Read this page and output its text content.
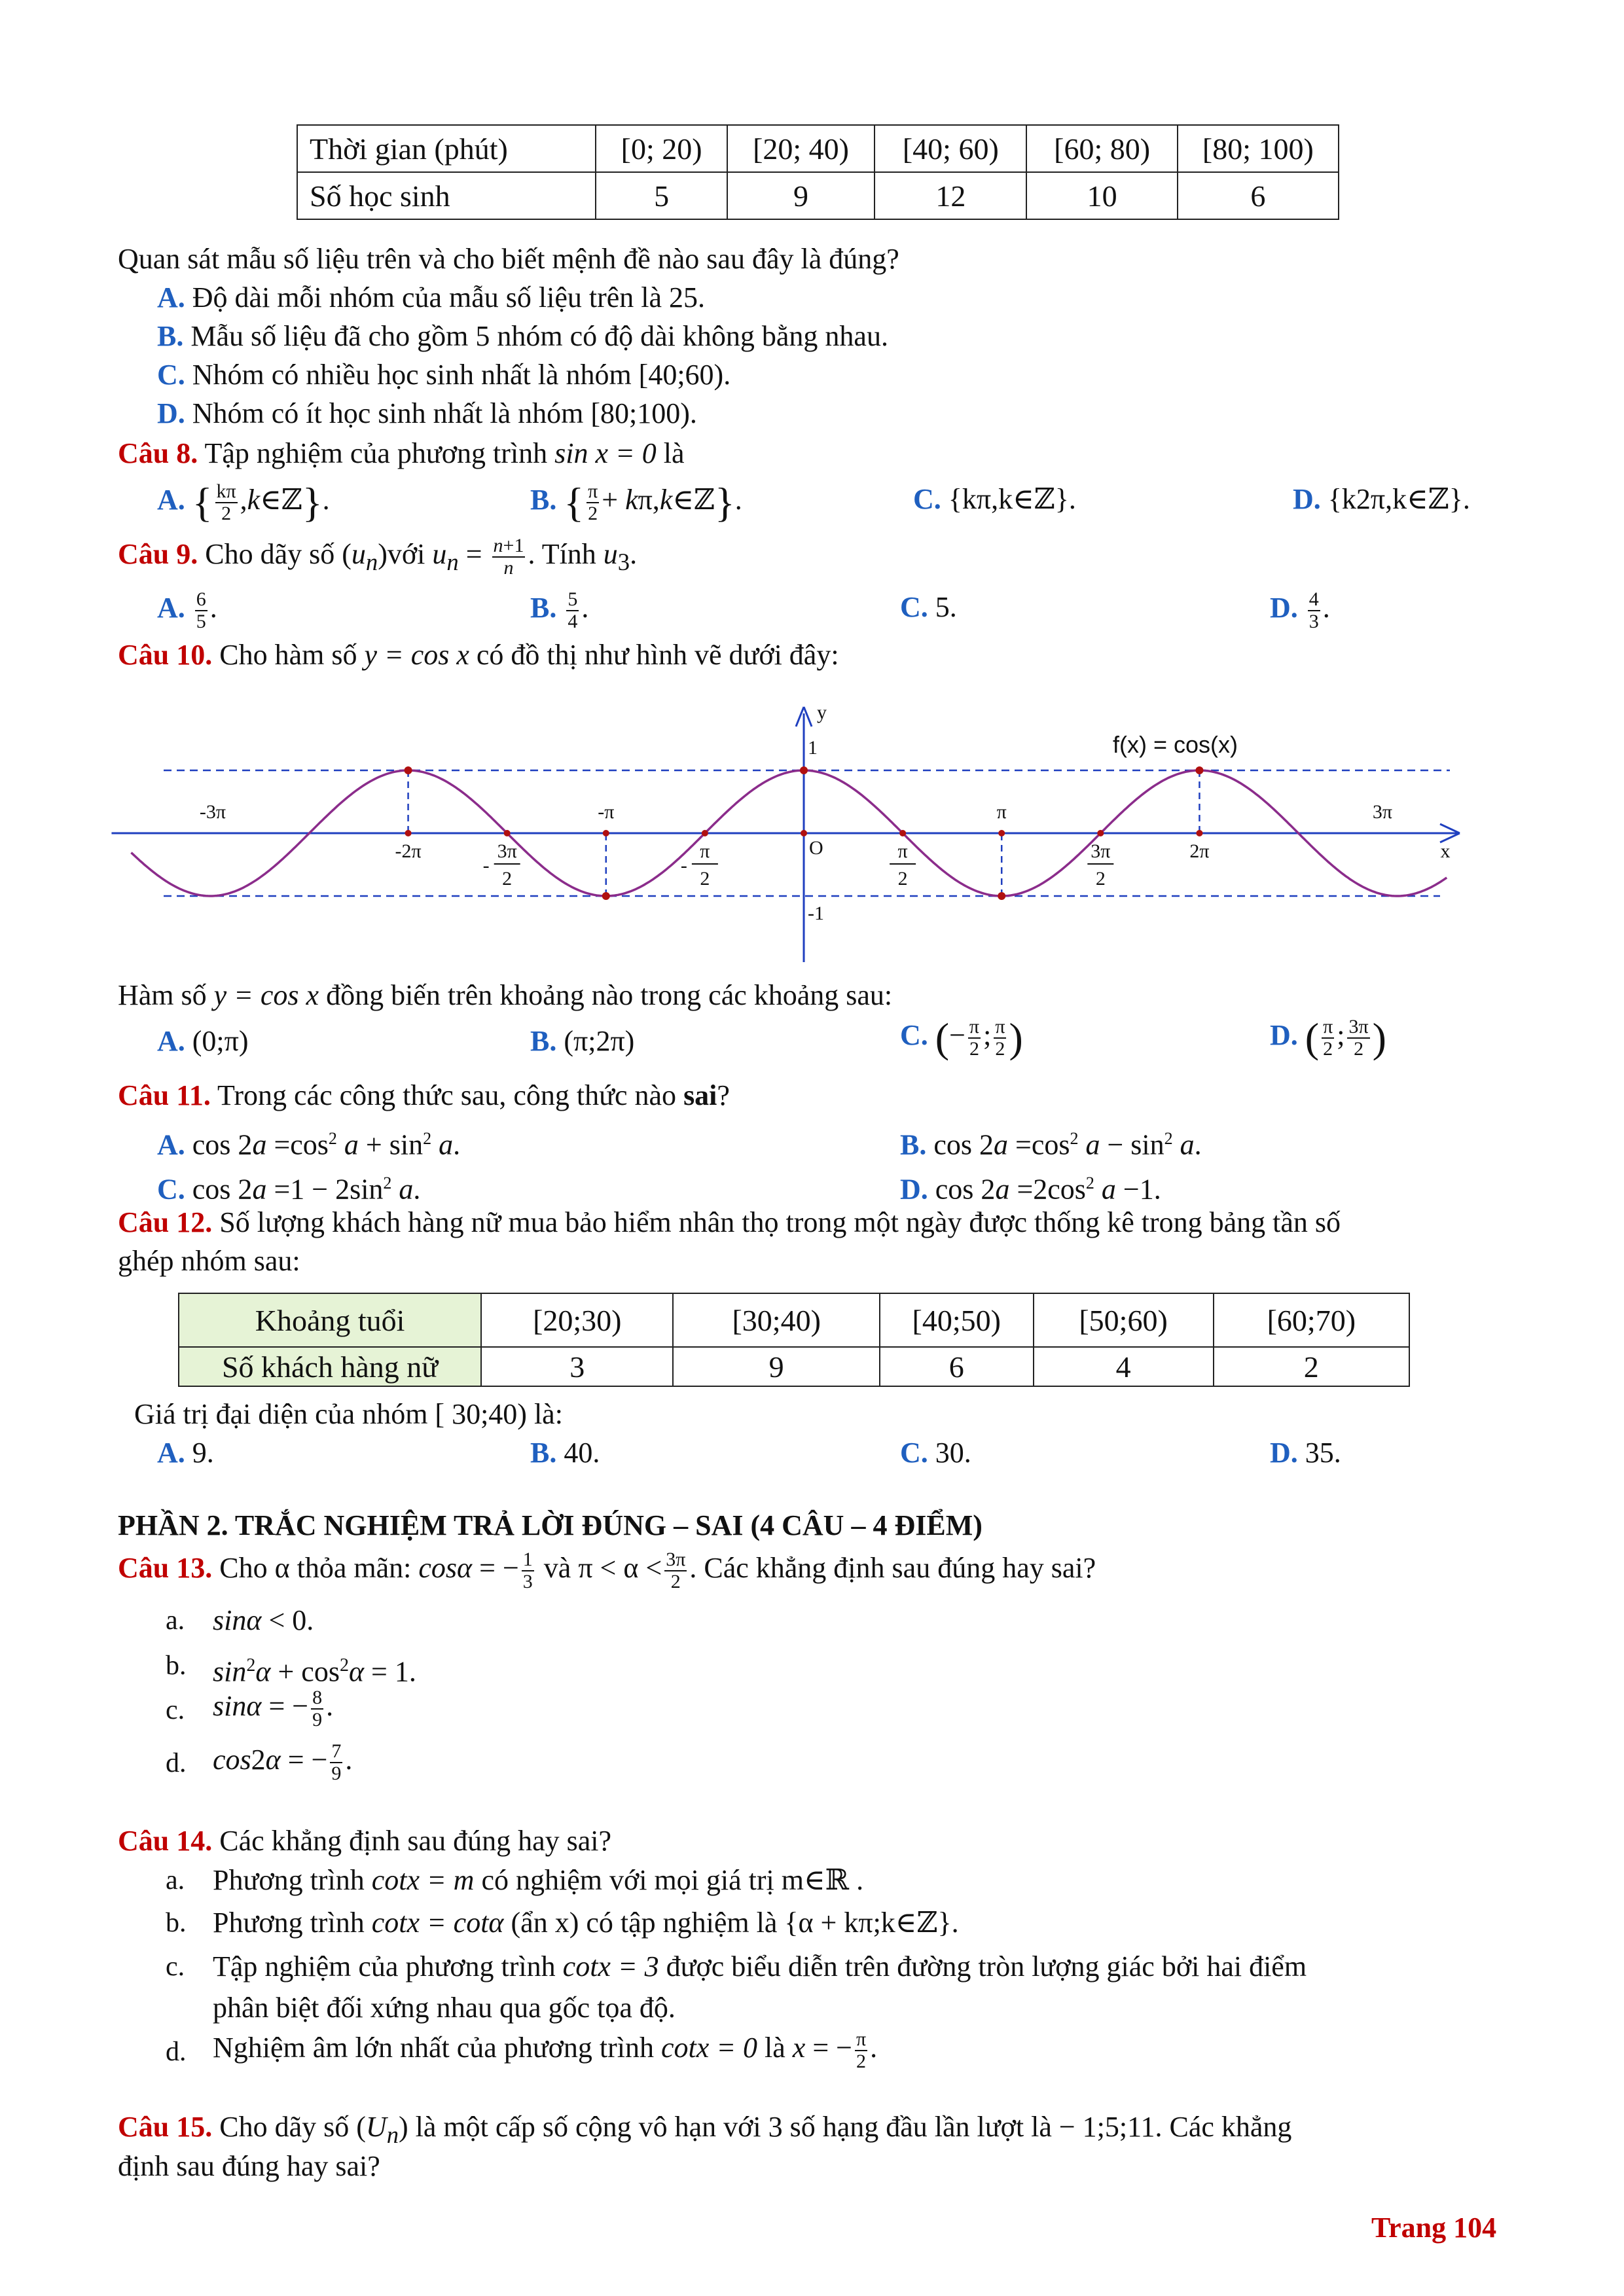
Thời gian (phút)	[0; 20)	[20; 40)	[40; 60)	[60; 80)	[80; 100)
Số học sinh	5	9	12	10	6
Quan sát mẫu số liệu trên và cho biết mệnh đề nào sau đây là đúng?
A. Độ dài mỗi nhóm của mẫu số liệu trên là 25.
B. Mẫu số liệu đã cho gồm 5 nhóm có độ dài không bằng nhau.
C. Nhóm có nhiều học sinh nhất là nhóm [40;60).
D. Nhóm có ít học sinh nhất là nhóm [80;100).
Câu 8. Tập nghiệm của phương trình sin x = 0 là
A. { $\frac{k\pi}{2}$ ,k∈ℤ}.	B. { $\frac{\pi}{2}$ + kπ,k∈ℤ}.	C. {kπ,k∈ℤ}.	D. {k2π,k∈ℤ}.
Câu 9. Cho dãy số $(u_n)với$ $u_n = \frac{n+1}{n}$ . Tính $u_3$.
A. $\frac{6}{5}$ .	B. $\frac{5}{4}$ .	C. 5.	D. $\frac{4}{3}$ .
Câu 10. Cho hàm số y = cos x có đồ thị như hình vẽ dưới đây:
-3π
-2π	3π
2
-
-π
π
2
-
O	π
2
π
3π
2
2π
3π
x
y
1
-1
f(x) = cos(x)
Hàm số y = cos x đồng biến trên khoảng nào trong các khoảng sau:
A. (0;π)	B. (π;2π)	C. (− $\frac{\pi}{2}$ ; $\frac{\pi}{2}$ )	D. ( $\frac{\pi}{2}$ ; $\frac{3\pi}{2}$ )
Câu 11. Trong các công thức sau, công thức nào sai?
A. $\cos 2a =\cos^2$ $a + \sin^2 a$.	B. $\cos 2a =\cos^2$ $a - \sin^2 a$.
C. $\cos 2a =1 - 2\sin^2$ a.	D. $\cos 2a =2\cos^2$ a −1.
Câu 12. Số lượng khách hàng nữ mua bảo hiểm nhân thọ trong một ngày được thống kê trong bảng tần số
ghép nhóm sau:
Khoảng tuổi	[20;30)	[30;40)	[40;50)	[50;60)	[60;70)
Số khách hàng nữ	3	9	6	4	2
Giá trị đại diện của nhóm [ 30;40) là:
A. 9.	B. 40.	C. 30.	D. 35.
PHẦN 2. TRẮC NGHIỆM TRẢ LỜI ĐÚNG – SAI (4 CÂU – 4 ĐIỂM)
Câu 13. Cho α thỏa mãn: cosα = − $\frac{1}{3}$ và $\pi < \alpha < \frac{3\pi}{2}$ . Các khẳng định sau đúng hay sai?
a. sinα < 0.
b. $\sin^2\alpha + \cos^2\alpha = 1$.
c. sinα = − $\frac{8}{9}$ .
d. cos2α = − $\frac{7}{9}$ .
Câu 14. Các khẳng định sau đúng hay sai?
a. Phương trình cotx = m có nghiệm với mọi giá trị m∈ℝ .
b. Phương trình cotx = cotα (ẩn x) có tập nghiệm là {α + kπ;k∈ℤ}.
c. Tập nghiệm của phương trình cotx = 3 được biểu diễn trên đường tròn lượng giác bởi hai điểm
phân biệt đối xứng nhau qua gốc tọa độ.
d. Nghiệm âm lớn nhất của phương trình cotx = 0 là x = − $\frac{\pi}{2}$ .
Câu 15. Cho dãy số $(U_n)$ là một cấp số cộng vô hạn với 3 số hạng đầu lần lượt là − 1;5;11. Các khẳng
định sau đúng hay sai?
Trang 104
